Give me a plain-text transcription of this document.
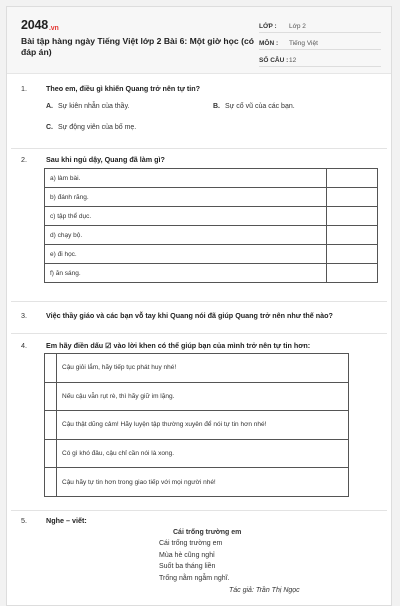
2048.vn
Bài tập hàng ngày Tiếng Việt lớp 2 Bài 6: Một giờ học (có đáp án)
LỚP :	Lớp 2
MÔN :	Tiếng Việt
SỐ CÂU : 12
1.	Theo em, điều gì khiến Quang trở nên tự tin?
A. Sự kiên nhẫn của thầy.	B. Sự cổ vũ của các bạn.
C. Sự động viên của bố mẹ.
2.	Sau khi ngủ dậy, Quang đã làm gì?
a) làm bài.	
b) đánh răng.	
c) tập thể dục.	
d) chạy bộ.	
e) đi học.	
f) ăn sáng.	
3.	Việc thầy giáo và các bạn vỗ tay khi Quang nói đã giúp Quang trở nên như thế nào?
4.	Em hãy điền dấu ☑ vào lời khen có thể giúp bạn của mình trở nên tự tin hơn:
	Cậu giỏi lắm, hãy tiếp tục phát huy nhé!
	Nếu cậu vẫn rụt rè, thì hãy giữ im lặng.
	Cậu thật dũng cảm! Hãy luyện tập thường xuyên để nói tự tin hơn nhé!
	Có gì khó đâu, cậu chỉ cần nói là xong.
	Cậu hãy tự tin hơn trong giao tiếp với mọi người nhé!
5.	Nghe – viết:
Cái trống trường em
Cái trống trường em
Mùa hè cũng nghỉ
Suốt ba tháng liền
Trống nằm ngẫm nghĩ.
Tác giả: Trần Thị Ngọc
